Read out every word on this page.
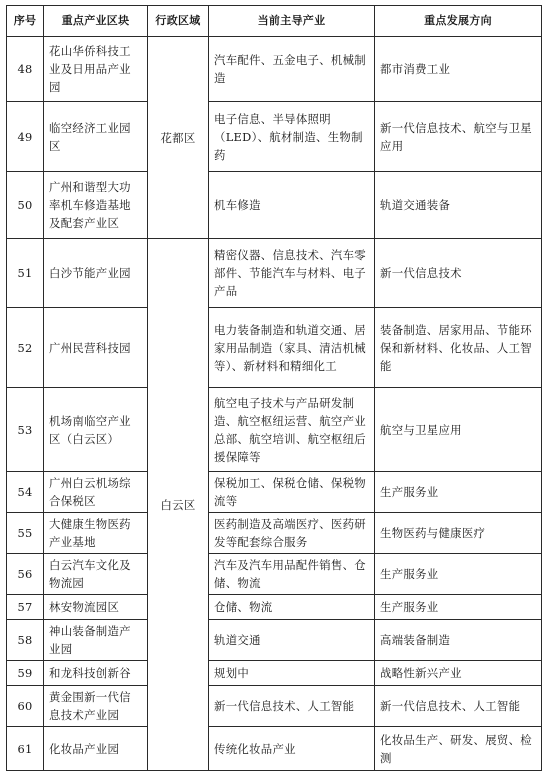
序号	重点产业区块	行政区域	当前主导产业	重点发展方向
48	花山华侨科技工业及日用品产业园	花都区	汽车配件、五金电子、机械制造	都市消费工业
49	临空经济工业园区		电子信息、半导体照明（LED）、航材制造、生物制药	新一代信息技术、航空与卫星应用
50	广州和谐型大功率机车修造基地及配套产业区		机车修造	轨道交通装备
51	白沙节能产业园	白云区	精密仪器、信息技术、汽车零部件、节能汽车与材料、电子产品	新一代信息技术
52	广州民营科技园		电力装备制造和轨道交通、居家用品制造（家具、清洁机械等）、新材料和精细化工	装备制造、居家用品、节能环保和新材料、化妆品、人工智能
53	机场南临空产业区（白云区）		航空电子技术与产品研发制造、航空枢纽运营、航空产业总部、航空培训、航空枢纽后援保障等	航空与卫星应用
54	广州白云机场综合保税区		保税加工、保税仓储、保税物流等	生产服务业
55	大健康生物医药产业基地		医药制造及高端医疗、医药研发等配套综合服务	生物医药与健康医疗
56	白云汽车文化及物流园		汽车及汽车用品配件销售、仓储、物流	生产服务业
57	林安物流园区		仓储、物流	生产服务业
58	神山装备制造产业园		轨道交通	高端装备制造
59	和龙科技创新谷		规划中	战略性新兴产业
60	黄金围新一代信息技术产业园		新一代信息技术、人工智能	新一代信息技术、人工智能
61	化妆品产业园		传统化妆品产业	化妆品生产、研发、展贸、检测
